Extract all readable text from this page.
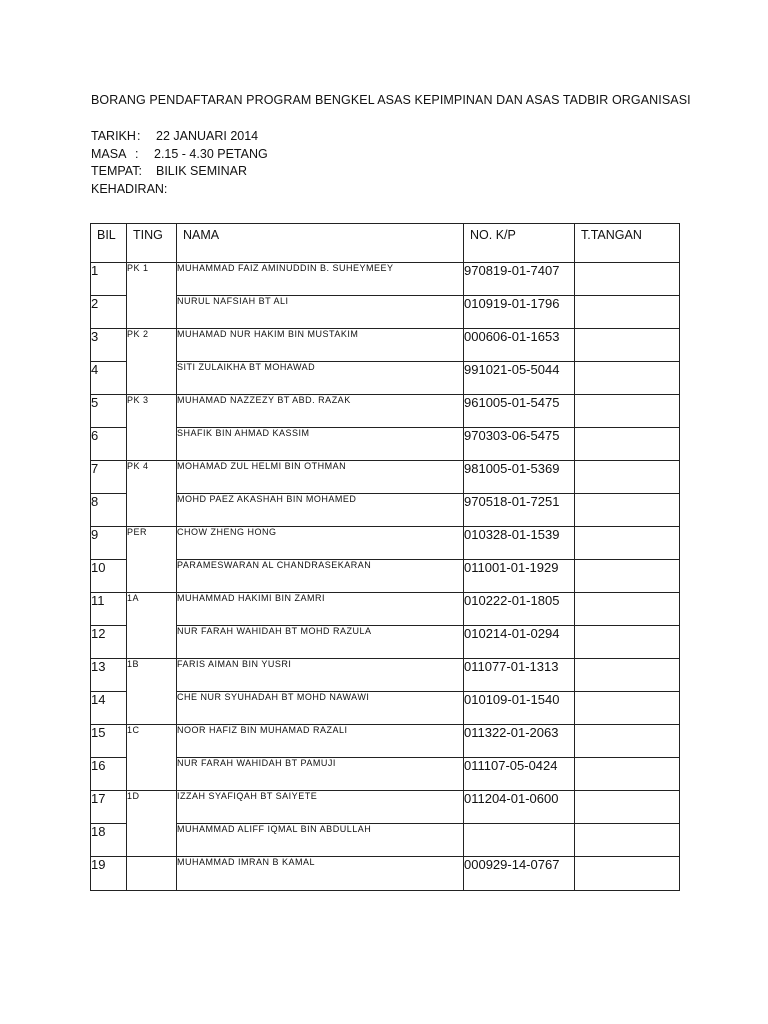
BORANG PENDAFTARAN PROGRAM BENGKEL ASAS KEPIMPINAN DAN ASAS TADBIR ORGANISASI
TARIKH :	22 JANUARI 2014
MASA :	2.15 - 4.30 PETANG
TEMPAT:	BILIK SEMINAR
KEHADIRAN:
BIL	TING	NAMA	NO. K/P	T.TANGAN
1	PK 1	MUHAMMAD FAIZ AMINUDDIN B. SUHEYMEEY	970819-01-7407	
2		NURUL NAFSIAH BT ALI	010919-01-1796	
3	PK 2	MUHAMAD NUR HAKIM BIN MUSTAKIM	000606-01-1653	
4		SITI ZULAIKHA BT MOHAWAD	991021-05-5044	
5	PK 3	MUHAMAD NAZZEZY BT ABD. RAZAK	961005-01-5475	
6		SHAFIK BIN AHMAD KASSIM	970303-06-5475	
7	PK 4	MOHAMAD ZUL HELMI BIN OTHMAN	981005-01-5369	
8		MOHD PAEZ AKASHAH BIN MOHAMED	970518-01-7251	
9	PER	CHOW ZHENG HONG	010328-01-1539	
10		PARAMESWARAN AL CHANDRASEKARAN	011001-01-1929	
11	1A	MUHAMMAD HAKIMI BIN ZAMRI	010222-01-1805	
12		NUR FARAH WAHIDAH BT MOHD RAZULA	010214-01-0294	
13	1B	FARIS AIMAN BIN YUSRI	011077-01-1313	
14		CHE NUR SYUHADAH BT MOHD NAWAWI	010109-01-1540	
15	1C	NOOR HAFIZ BIN MUHAMAD RAZALI	011322-01-2063	
16		NUR FARAH WAHIDAH BT PAMUJI	011107-05-0424	
17	1D	IZZAH SYAFIQAH BT SAIYETE	011204-01-0600	
18		MUHAMMAD ALIFF IQMAL BIN ABDULLAH		
19		MUHAMMAD IMRAN B KAMAL	000929-14-0767	
